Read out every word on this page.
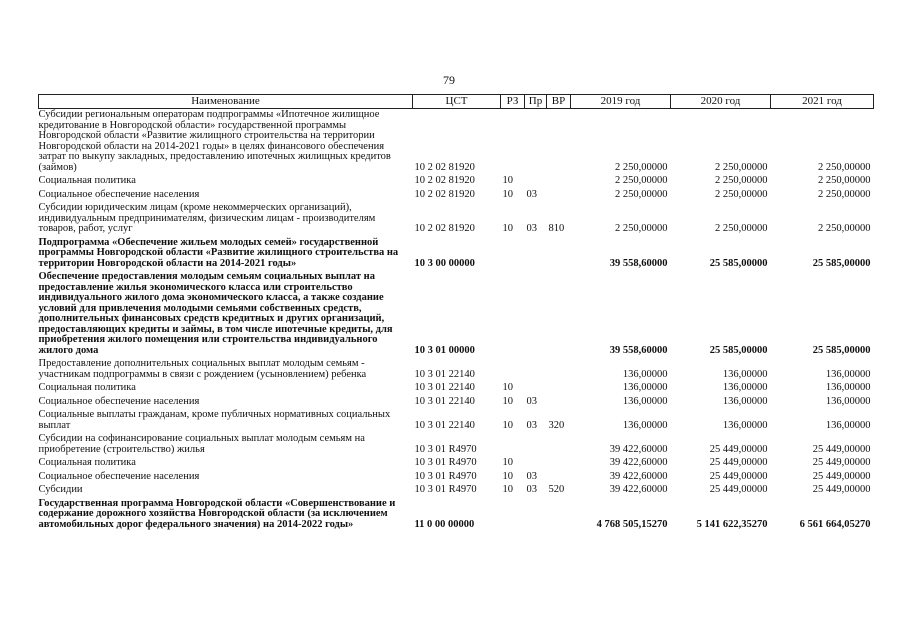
79
Наименование	ЦСТ	РЗ	Пр	ВР	2019 год	2020 год	2021 год
Субсидии региональным операторам подпрограммы «Ипотечное жилищное кредитование в Новгородской области» государственной программы Новгородской области «Развитие жилищного строительства на территории Новгородской области на 2014-2021 годы» в целях финансового обеспечения затрат по выкупу закладных, предоставлению ипотечных жилищных кредитов (займов)	10 2 02 81920				2 250,00000	2 250,00000	2 250,00000
Социальная политика	10 2 02 81920	10			2 250,00000	2 250,00000	2 250,00000
Социальное обеспечение населения	10 2 02 81920	10	03		2 250,00000	2 250,00000	2 250,00000
Субсидии юридическим лицам (кроме некоммерческих организаций), индивидуальным предпринимателям, физическим лицам - производителям товаров, работ, услуг	10 2 02 81920	10	03	810	2 250,00000	2 250,00000	2 250,00000
Подпрограмма «Обеспечение жильем молодых семей» государственной программы Новгородской области «Развитие жилищного строительства на территории Новгородской области на 2014-2021 годы»	10 3 00 00000				39 558,60000	25 585,00000	25 585,00000
Обеспечение предоставления молодым семьям социальных выплат на предоставление жилья экономического класса или строительство индивидуального жилого дома экономического класса, а также создание условий для привлечения молодыми семьями собственных средств, дополнительных финансовых средств кредитных и других организаций, предоставляющих кредиты и займы, в том числе ипотечные кредиты, для приобретения жилого помещения или строительства индивидуального жилого дома	10 3 01 00000				39 558,60000	25 585,00000	25 585,00000
Предоставление дополнительных социальных выплат молодым семьям - участникам подпрограммы в связи с рождением (усыновлением) ребенка	10 3 01 22140				136,00000	136,00000	136,00000
Социальная политика	10 3 01 22140	10			136,00000	136,00000	136,00000
Социальное обеспечение населения	10 3 01 22140	10	03		136,00000	136,00000	136,00000
Социальные выплаты гражданам, кроме публичных нормативных социальных выплат	10 3 01 22140	10	03	320	136,00000	136,00000	136,00000
Субсидии на софинансирование социальных выплат молодым семьям на приобретение (строительство) жилья	10 3 01 R4970				39 422,60000	25 449,00000	25 449,00000
Социальная политика	10 3 01 R4970	10			39 422,60000	25 449,00000	25 449,00000
Социальное обеспечение населения	10 3 01 R4970	10	03		39 422,60000	25 449,00000	25 449,00000
Субсидии	10 3 01 R4970	10	03	520	39 422,60000	25 449,00000	25 449,00000
Государственная программа Новгородской области «Совершенствование и содержание дорожного хозяйства Новгородской области (за исключением автомобильных дорог федерального значения) на 2014-2022 годы»	11 0 00 00000				4 768 505,15270	5 141 622,35270	6 561 664,05270
